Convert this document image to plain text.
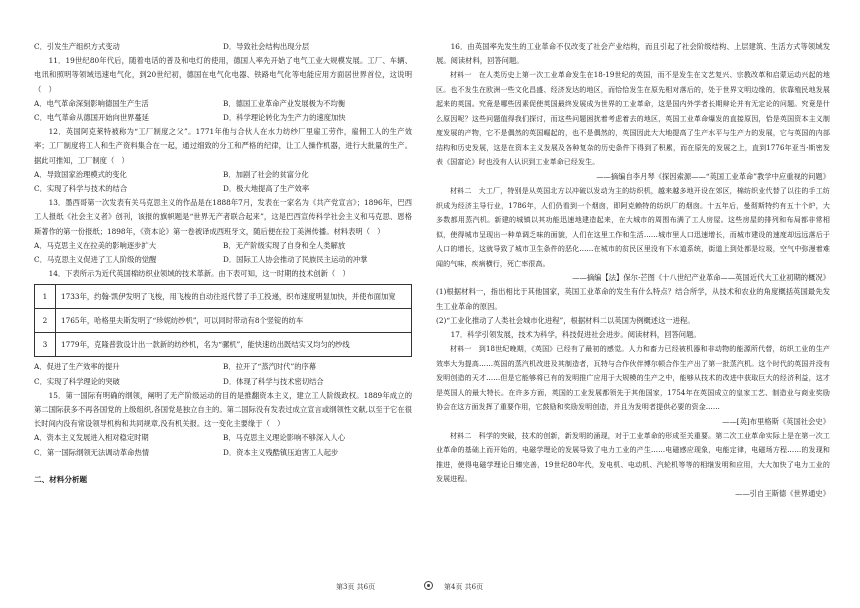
C．引发生产组织方式变动	D．导致社会结构出现分层

11．19世纪80年代后，随着电话的普及和电灯的使用，德国人率先开始了电气工业大规模发展。工厂、车辆、电讯和照明等领域迅速电气化，到20世纪初，德国在电气化电器、铁路电气化等电能应用方面居世界首位，这说明（　）

A．电气革命深刻影响德国生产生活	B．德国工业革命产业发展极为不均衡
C．电气革命从德国开始向世界蔓延	D．科学理论转化为生产力的速度加快

12．英国阿克莱特被称为“工厂制度之父”。1771年他与合伙人在水力纺纱厂里雇工劳作，雇佣工人的生产效率；工厂制度将工人和生产资料集合在一起，通过细致的分工和严格的纪律，让工人操作机器，进行大批量的生产。据此可推知，工厂制度（　）

A．导致国家治理模式的变化	B．加剧了社会的贫富分化
C．实现了科学与技术的结合	D．极大地提高了生产效率

13．墨西哥第一次发表有关马克思主义的作品是在1888年7月，发表在一家名为《共产党宣言》；1896年，巴西工人报纸《社会主义者》创刊，该报的旗帜题是“世界无产者联合起来”，这是巴西宣传科学社会主义和马克思、恩格斯著作的第一份报纸；1898年，《资本论》第一卷被译成西班牙文，随后便在拉丁美洲传播。材料表明（　）

A．马克思主义在拉美的影响逐步扩大	B．无产阶级实现了自身和全人类解放
C．马克思主义促进了工人阶级的觉醒	D．国际工人协会推动了民族民主运动的冲掌

14．下表所示为近代英国棉纺织业领域的技术革新。由下表可知，这一时期的技术创新（　）

1	1733年，约翰·凯伊发明了飞梭，用飞梭的自动往返代替了手工投递，织布速度明显加快，并使布面加宽
2	1765年，哈格里夫斯发明了“珍妮纺纱机”，可以同时带动有8个竖锭的纺车
3	1779年，克隆普敦设计出一款新的纺纱机，名为“骡机”，能快速纺出既结实又均匀的纱线
A．促进了生产效率的提升	B．拉开了“蒸汽时代”的序幕
C．实现了科学理论的突破	D．体现了科学与技术密切结合

15．第一国际有明确的纲领，阐明了无产阶级运动的目的是推翻资本主义，建立工人阶级政权。1889年成立的第二国际获多不再各国党的上级组织,各国党是独立自主的。第二国际没有发表过成立宣言或纲领性文献,以至于它在很长时间内没有常设领导机构和共同规章,没有机关报。这一变化主要缘于（　）

A．资本主义发展进入相对稳定时期	B．马克思主义理论影响不够深入人心
C．第一国际纲领无法调动革命热情	D．资本主义残酷镇压迫害工人起步

二、材料分析题

16．由英国率先发生的工业革命不仅改变了社会产业结构，而且引起了社会阶级结构、上层建筑、生活方式等领域发展。阅读材料，回答问题。

材料一　在人类历史上第一次工业革命发生在18-19世纪的英国，而不是发生在文艺复兴、宗教改革和启蒙运动兴起的地区。也不发生在欧洲一些文化昌盛、经济发达的地区，而恰恰发生在原先相对落后的，处于世界文明边缘的，依靠殖民地发展起来的英国。究竟是哪些因素促使英国最终发展成为世界的工业革命，这是国内外学者长期辩论并有无定论的问题。究竟是什么原因呢？这些问题值得我们探讨，而这些问题困扰着考虑着去的地区，英国工业革命爆发的直接原因，恰是英国资本主义制度发展的产物，它不是偶然的英国崛起的，也不是偶然的，英国因此大大地提高了生产水平与生产力的发展，它与英国的内部结构和历史发展，这是在资本主义发展及各种复杂的历史条件下得到了积累，而在原先的发展之上，直到1776年亚当·斯密发表《国富论》时也没有人认识到工业革命已经发生。

——摘编自李月琴《探因索源——“英国工业革命”教学中应重视的问题》

材料二　大工厂，特别是从英国北方以冲破以发动为主的纺织机，越来越多地开设在郊区，棉纺织业代替了以往的手工纺织成为经济主导行业，1786年，人们仍看到一个烟囱，即阿克赖特的纺织厂的烟囱。十五年后，曼彻斯特约有五十个炉，大多数都用蒸汽机。新建的城镇以其功能迅速地建造起来，在大城市的周围布满了工人房屋。这些房屋的排列和布局都非常相似，使得城市呈现出一种单调乏味的面貌，人们在这里工作和生活……城市里人口迅速增长，而城市建设的速度却远远落后于人口的增长，这就导致了城市卫生条件的恶化……在城市的贫民区里没有下水道系统，街道上到处都是垃圾，空气中弥漫着难闻的气味，疾病横行，死亡率很高。

——摘编【法】保尔·芒图《十八世纪产业革命——英国近代大工业初期的概况》

(1)根据材料一，指出相比于其他国家，英国工业革命的发生有什么特点？结合所学，从技术和农业的角度概括英国最先发生工业革命的原因。

(2)“工业化推动了人类社会城市化进程”，根据材料二以英国为例概述这一进程。

17．科学引领发展，技术为科学，科技促进社会进步。阅读材料，回答问题。

材料一　到18世纪晚期，《英国》已经有了最初的感觉。人力和畜力已经被机器和非动物的能源所代替，纺织工业的生产效率大为提高……英国的蒸汽机改进及其制造者，瓦特与合作伙伴博尔顿合作生产出了第一批蒸汽机。这个时代的英国并没有发明创造的天才……但是它能够将已有的发明推广应用于大规模的生产之中，能够从技术的改进中获取巨大的经济利益，这才是英国人的最大特长。在许多方面，英国的工业发展都领先于其他国家，1754年在英国成立的皇家工艺、制造业与商业奖励协会在这方面发挥了重要作用，它鼓励和奖励发明创造，并且为发明者提供必要的资金……

——[英]布里格斯《英国社会史》

材料二　科学的突破，技术的创新，新发明的涌现，对于工业革命的形成至关重要。第二次工业革命实际上是在第一次工业革命的基础上而开始的，电磁学理论的发展导致了电力工业的产生……电磁感应现象，电能定律，电磁场方程……的发现和推进，使得电磁学理论日臻完善，19世纪80年代，发电机、电动机、汽轮机等等的相继发明和应用，大大加快了电力工业的发展进程。

——引自王斯德《世界通史》

第3页 共6页	第4页 共6页
